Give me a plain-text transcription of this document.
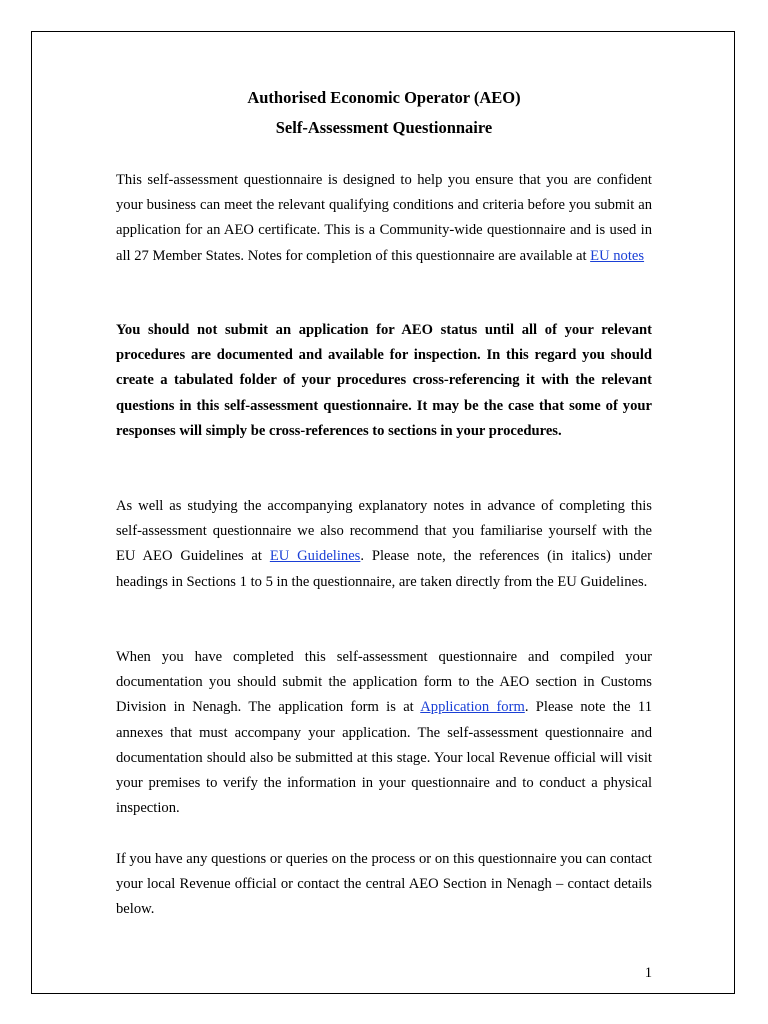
Authorised Economic Operator (AEO)
Self-Assessment Questionnaire

This self-assessment questionnaire is designed to help you ensure that you are confident your business can meet the relevant qualifying conditions and criteria before you submit an application for an AEO certificate. This is a Community-wide questionnaire and is used in all 27 Member States. Notes for completion of this questionnaire are available at EU notes

You should not submit an application for AEO status until all of your relevant procedures are documented and available for inspection. In this regard you should create a tabulated folder of your procedures cross-referencing it with the relevant questions in this self-assessment questionnaire. It may be the case that some of your responses will simply be cross-references to sections in your procedures.

As well as studying the accompanying explanatory notes in advance of completing this self-assessment questionnaire we also recommend that you familiarise yourself with the EU AEO Guidelines at EU Guidelines. Please note, the references (in italics) under headings in Sections 1 to 5 in the questionnaire, are taken directly from the EU Guidelines.

When you have completed this self-assessment questionnaire and compiled your documentation you should submit the application form to the AEO section in Customs Division in Nenagh. The application form is at Application form. Please note the 11 annexes that must accompany your application. The self-assessment questionnaire and documentation should also be submitted at this stage. Your local Revenue official will visit your premises to verify the information in your questionnaire and to conduct a physical inspection.

If you have any questions or queries on the process or on this questionnaire you can contact your local Revenue official or contact the central AEO Section in Nenagh – contact details below.

1
